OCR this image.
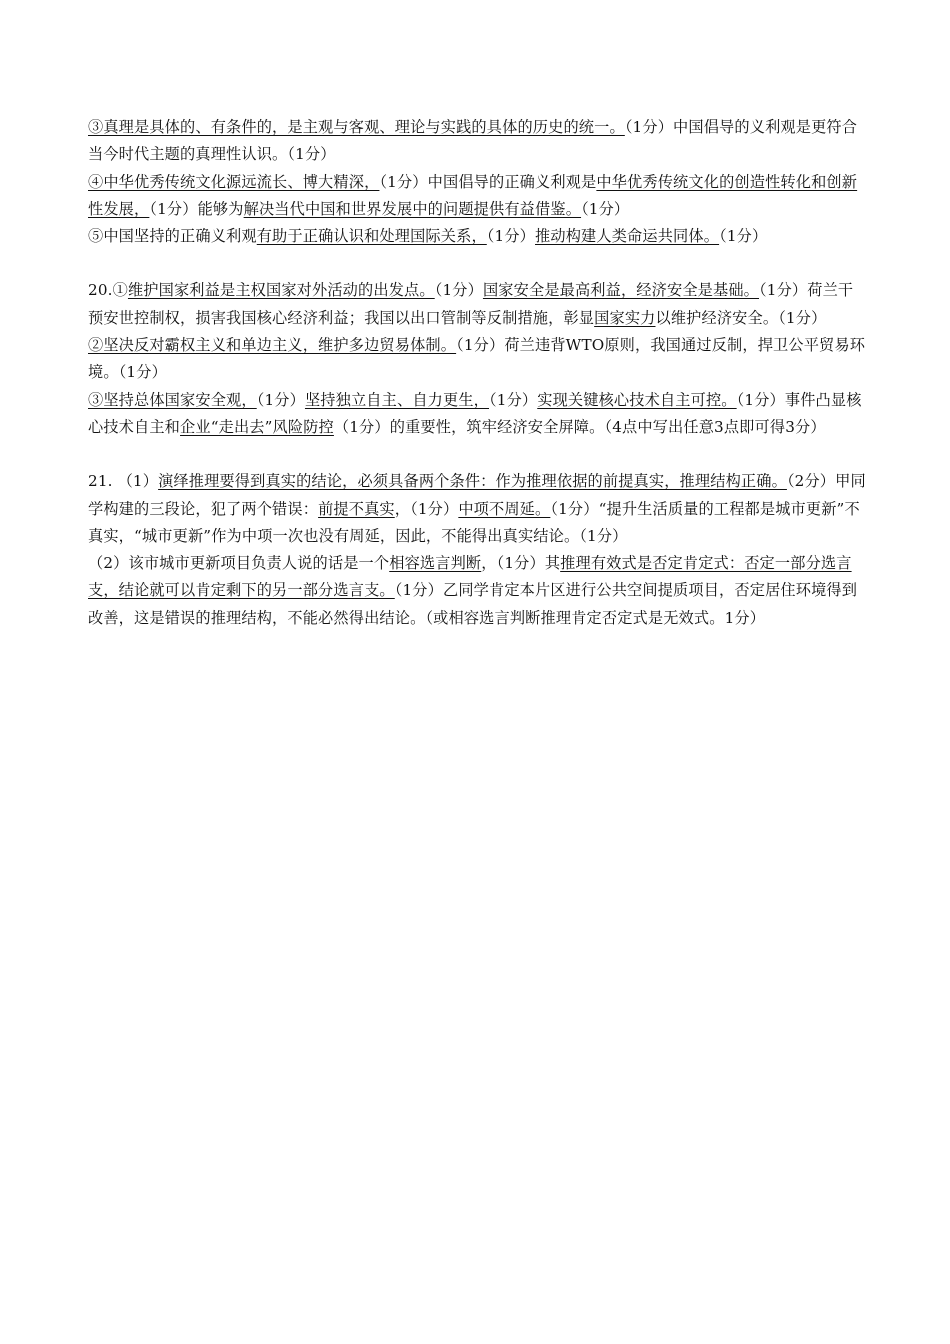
③真理是具体的、有条件的，是主观与客观、理论与实践的具体的历史的统一。（1分）中国倡导的义利观是更符合当今时代主题的真理性认识。（1分）

④中华优秀传统文化源远流长、博大精深，（1分）中国倡导的正确义利观是中华优秀传统文化的创造性转化和创新性发展，（1分）能够为解决当代中国和世界发展中的问题提供有益借鉴。（1分）

⑤中国坚持的正确义利观有助于正确认识和处理国际关系，（1分）推动构建人类命运共同体。（1分）

20.①维护国家利益是主权国家对外活动的出发点。（1分）国家安全是最高利益，经济安全是基础。（1分）荷兰干预安世控制权，损害我国核心经济利益；我国以出口管制等反制措施，彰显国家实力以维护经济安全。（1分）

②坚决反对霸权主义和单边主义，维护多边贸易体制。（1分）荷兰违背WTO原则，我国通过反制，捍卫公平贸易环境。（1分）

③坚持总体国家安全观，（1分）坚持独立自主、自力更生，（1分）实现关键核心技术自主可控。（1分）事件凸显核心技术自主和企业“走出去”风险防控（1分）的重要性，筑牢经济安全屏障。（4点中写出任意3点即可得3分）

21. （1）演绎推理要得到真实的结论，必须具备两个条件：作为推理依据的前提真实，推理结构正确。（2分）甲同学构建的三段论，犯了两个错误：前提不真实，（1分）中项不周延。（1分）“提升生活质量的工程都是城市更新”不真实，“城市更新”作为中项一次也没有周延，因此，不能得出真实结论。（1分）

（2）该市城市更新项目负责人说的话是一个相容选言判断，（1分）其推理有效式是否定肯定式：否定一部分选言支，结论就可以肯定剩下的另一部分选言支。（1分）乙同学肯定本片区进行公共空间提质项目，否定居住环境得到改善，这是错误的推理结构，不能必然得出结论。（或相容选言判断推理肯定否定式是无效式。1分）
